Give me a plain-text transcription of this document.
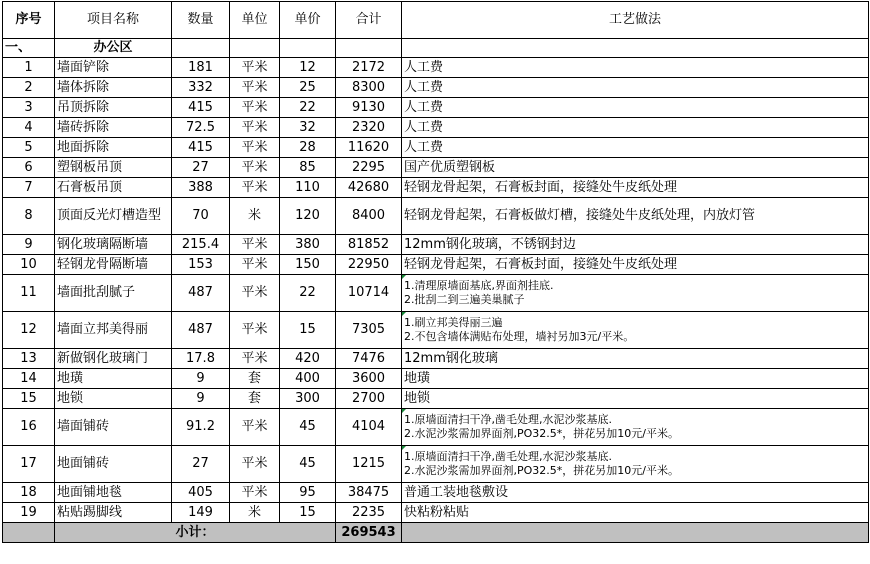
序号	项目名称	数量	单位	单价	合计	工艺做法
一、	办公区					
1	墙面铲除	181	平米	12	2172	人工费

2	墙体拆除	332	平米	25	8300	人工费

3	吊顶拆除	415	平米	22	9130	人工费

4	墙砖拆除	72.5	平米	32	2320	人工费

5	地面拆除	415	平米	28	11620	人工费

6	塑钢板吊顶	27	平米	85	2295	国产优质塑钢板

7	石膏板吊顶	388	平米	110	42680	轻钢龙骨起架，石膏板封面，接缝处牛皮纸处理

8	顶面反光灯槽造型	70	米	120	8400	轻钢龙骨起架，石膏板做灯槽，接缝处牛皮纸处理，内放灯管

9	钢化玻璃隔断墙	215.4	平米	380	81852	12mm钢化玻璃，不锈钢封边

10	轻钢龙骨隔断墙	153	平米	150	22950	轻钢龙骨起架，石膏板封面，接缝处牛皮纸处理

11	墙面批刮腻子	487	平米	22	10714	1.清理原墙面基底,界面剂挂底.
2.批刮二到三遍美巢腻子

12	墙面立邦美得丽	487	平米	15	7305	1.刷立邦美得丽三遍
2.不包含墙体满贴布处理，墙衬另加3元/平米。

13	新做钢化玻璃门	17.8	平米	420	7476	12mm钢化玻璃

14	地璜	9	套	400	3600	地璜

15	地锁	9	套	300	2700	地锁

16	墙面铺砖	91.2	平米	45	4104	1.原墙面清扫干净,凿毛处理,水泥沙浆基底.
2.水泥沙浆需加界面剂,PO32.5*，拼花另加10元/平米。

17	地面铺砖	27	平米	45	1215	1.原墙面清扫干净,凿毛处理,水泥沙浆基底.
2.水泥沙浆需加界面剂,PO32.5*，拼花另加10元/平米。

18	地面铺地毯	405	平米	95	38475	普通工装地毯敷设

19	粘贴踢脚线	149	米	15	2235	快粘粉粘贴

	小计：				269543	
